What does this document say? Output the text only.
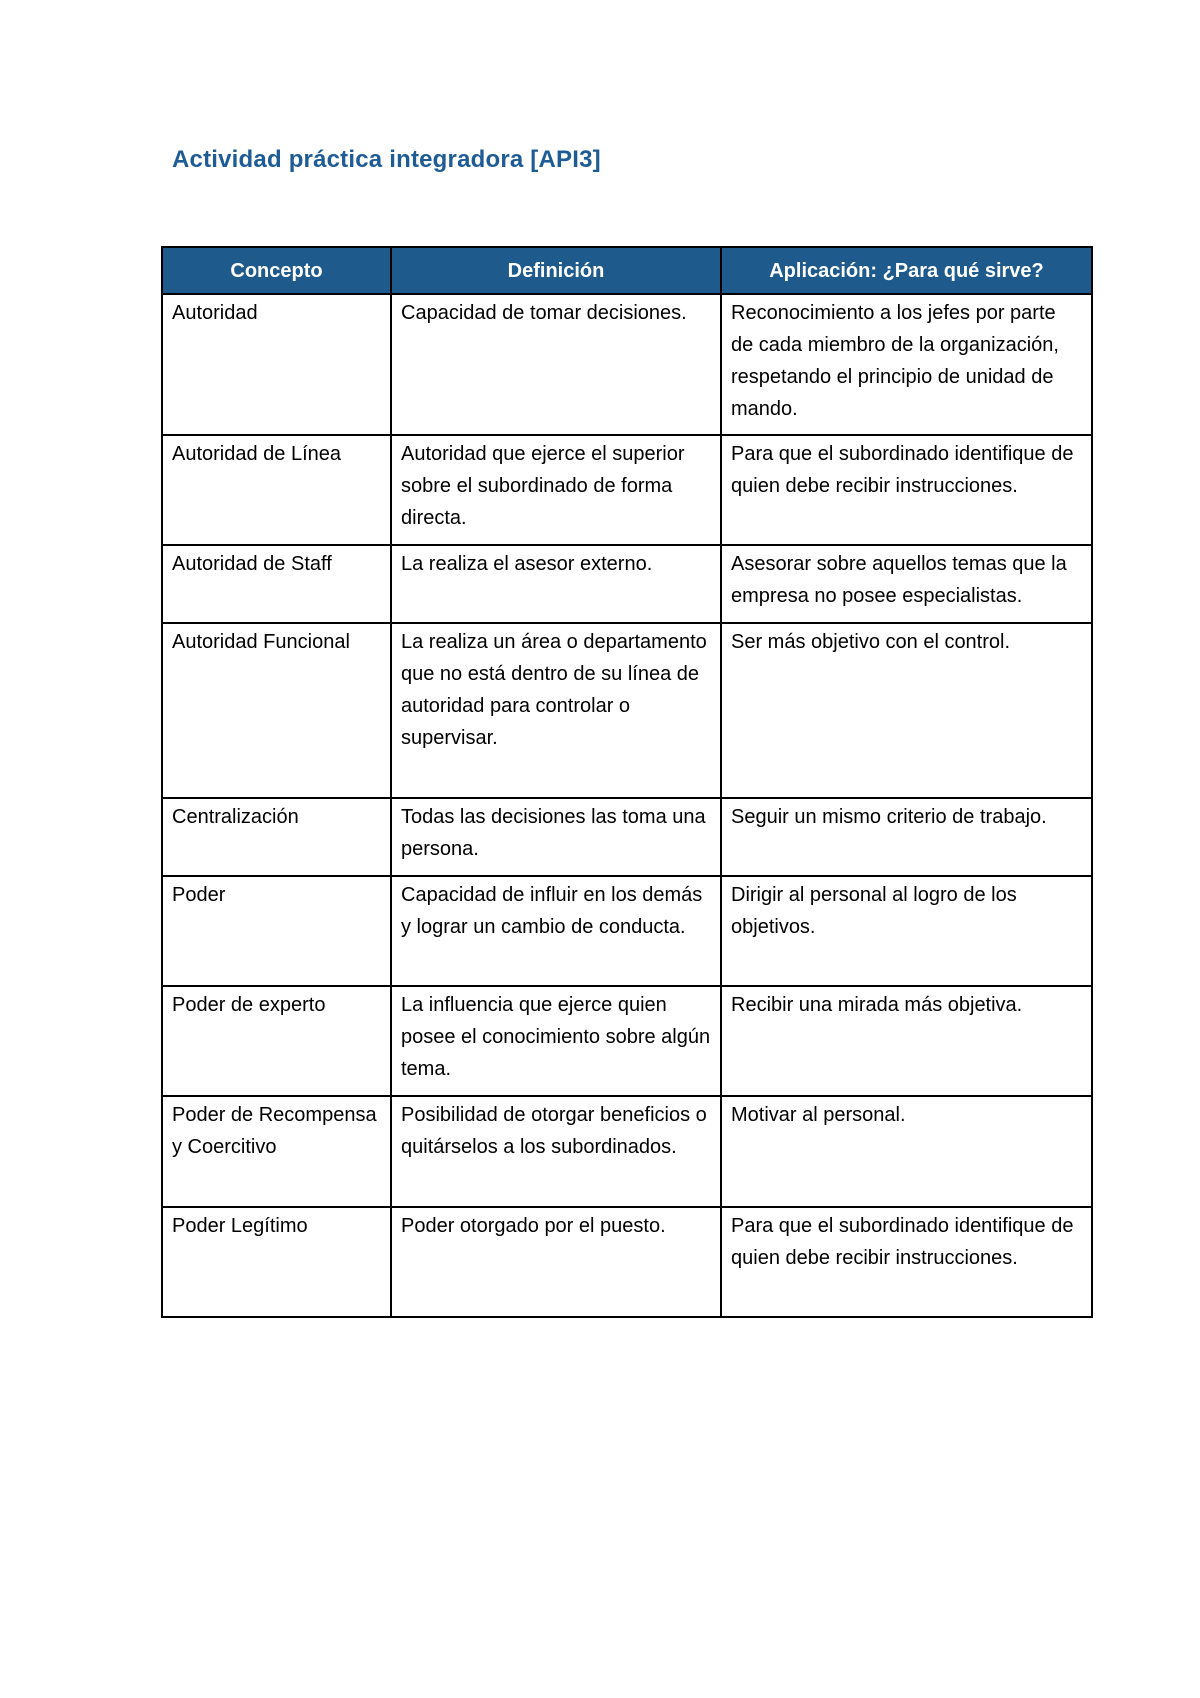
Actividad práctica integradora [API3]
Concepto	Definición	Aplicación: ¿Para qué sirve?
Autoridad	Capacidad de tomar decisiones.	Reconocimiento a los jefes por parte de cada miembro de la organización, respetando el principio de unidad de mando.
Autoridad de Línea	Autoridad que ejerce el superior sobre el subordinado de forma directa.	Para que el subordinado identifique de quien debe recibir instrucciones.
Autoridad de Staff	La realiza el asesor externo.	Asesorar sobre aquellos temas que la empresa no posee especialistas.
Autoridad Funcional	La realiza un área o departamento que no está dentro de su línea de autoridad para controlar o supervisar.	Ser más objetivo con el control.
Centralización	Todas las decisiones las toma una persona.	Seguir un mismo criterio de trabajo.
Poder	Capacidad de influir en los demás y lograr un cambio de conducta.	Dirigir al personal al logro de los objetivos.
Poder de experto	La influencia que ejerce quien posee el conocimiento sobre algún tema.	Recibir una mirada más objetiva.
Poder de Recompensa y Coercitivo	Posibilidad de otorgar beneficios o quitárselos a los subordinados.	Motivar al personal.
Poder Legítimo	Poder otorgado por el puesto.	Para que el subordinado identifique de quien debe recibir instrucciones.
